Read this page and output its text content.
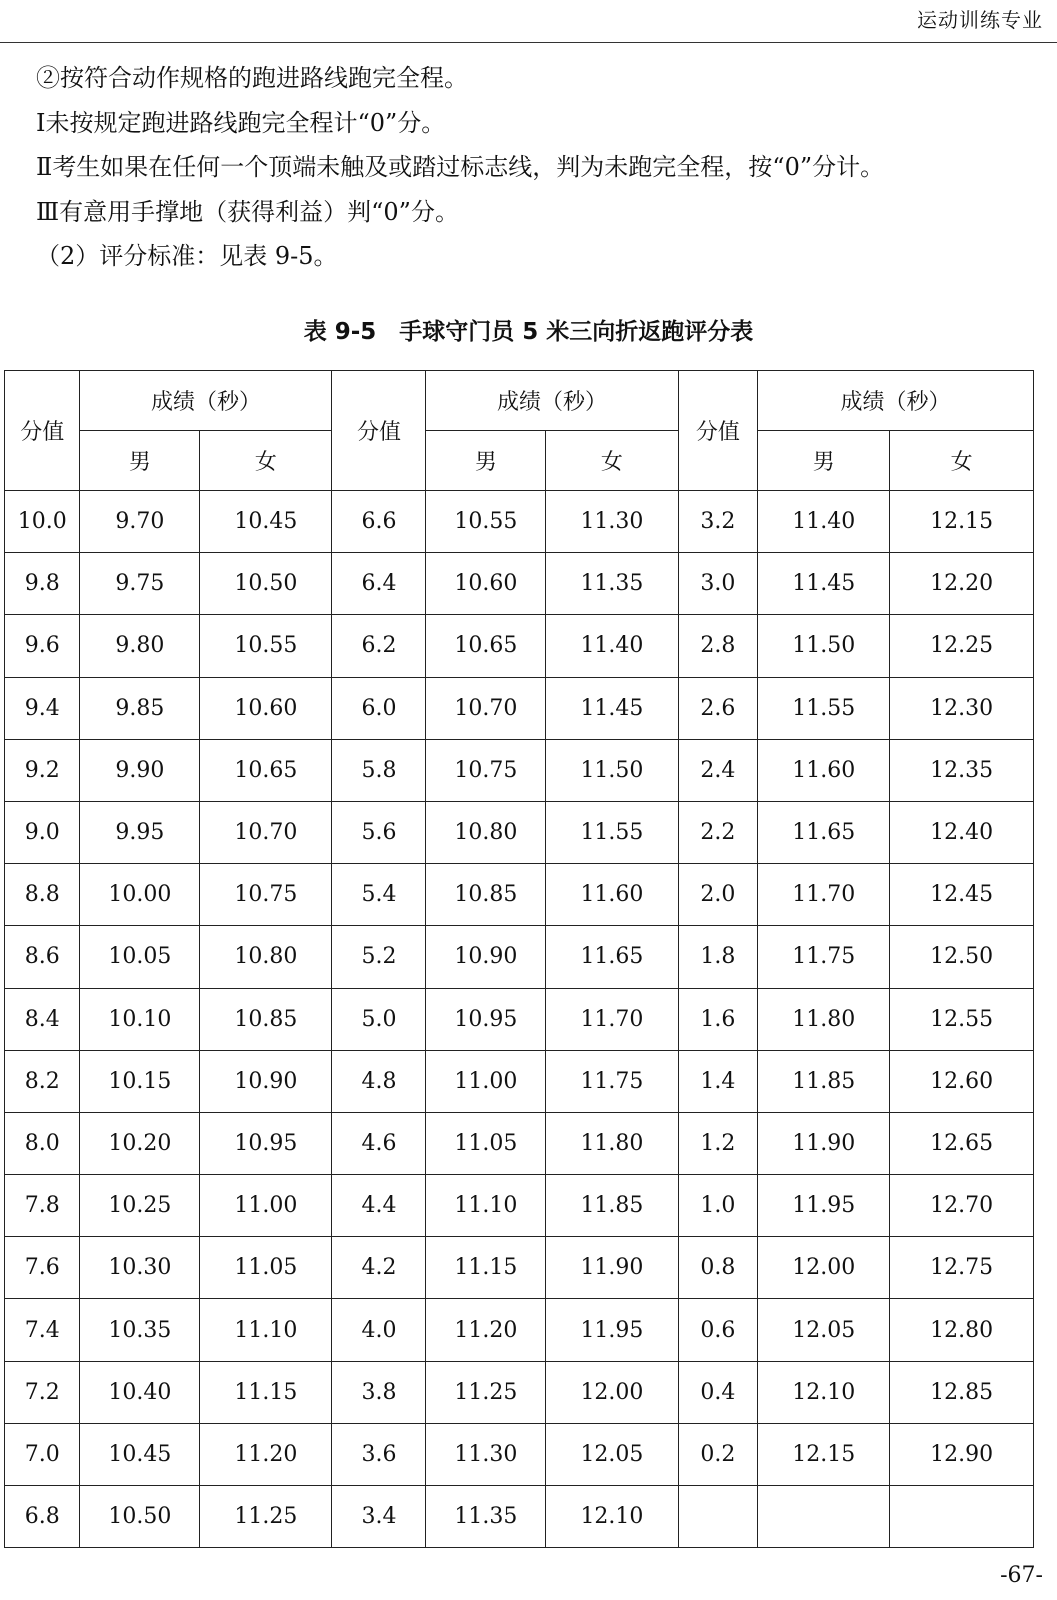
运动训练专业
②按符合动作规格的跑进路线跑完全程。
Ⅰ未按规定跑进路线跑完全程计“0”分。
Ⅱ考生如果在任何一个顶端未触及或踏过标志线，判为未跑完全程，按“0”分计。
Ⅲ有意用手撑地（获得利益）判“0”分。
（2）评分标准：见表 9-5。
表 9-5　手球守门员 5 米三向折返跑评分表
分值	成绩（秒）		分值	成绩（秒）		分值	成绩（秒）	
	男	女		男	女		男	女
10.0	9.70	10.45	6.6	10.55	11.30	3.2	11.40	12.15
9.8	9.75	10.50	6.4	10.60	11.35	3.0	11.45	12.20
9.6	9.80	10.55	6.2	10.65	11.40	2.8	11.50	12.25
9.4	9.85	10.60	6.0	10.70	11.45	2.6	11.55	12.30
9.2	9.90	10.65	5.8	10.75	11.50	2.4	11.60	12.35
9.0	9.95	10.70	5.6	10.80	11.55	2.2	11.65	12.40
8.8	10.00	10.75	5.4	10.85	11.60	2.0	11.70	12.45
8.6	10.05	10.80	5.2	10.90	11.65	1.8	11.75	12.50
8.4	10.10	10.85	5.0	10.95	11.70	1.6	11.80	12.55
8.2	10.15	10.90	4.8	11.00	11.75	1.4	11.85	12.60
8.0	10.20	10.95	4.6	11.05	11.80	1.2	11.90	12.65
7.8	10.25	11.00	4.4	11.10	11.85	1.0	11.95	12.70
7.6	10.30	11.05	4.2	11.15	11.90	0.8	12.00	12.75
7.4	10.35	11.10	4.0	11.20	11.95	0.6	12.05	12.80
7.2	10.40	11.15	3.8	11.25	12.00	0.4	12.10	12.85
7.0	10.45	11.20	3.6	11.30	12.05	0.2	12.15	12.90
6.8	10.50	11.25	3.4	11.35	12.10			
-67-
